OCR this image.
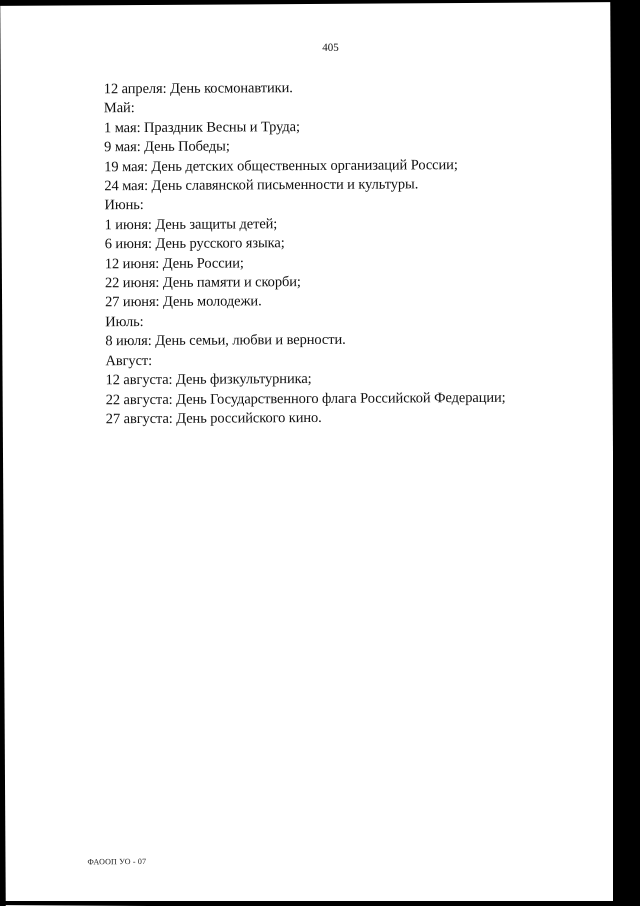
405
12 апреля: День космонавтики.
Май:
1 мая: Праздник Весны и Труда;
9 мая: День Победы;
19 мая: День детских общественных организаций России;
24 мая: День славянской письменности и культуры.
Июнь:
1 июня: День защиты детей;
6 июня: День русского языка;
12 июня: День России;
22 июня: День памяти и скорби;
27 июня: День молодежи.
Июль:
8 июля: День семьи, любви и верности.
Август:
12 августа: День физкультурника;
22 августа: День Государственного флага Российской Федерации;
27 августа: День российского кино.
ФАООП УО - 07
